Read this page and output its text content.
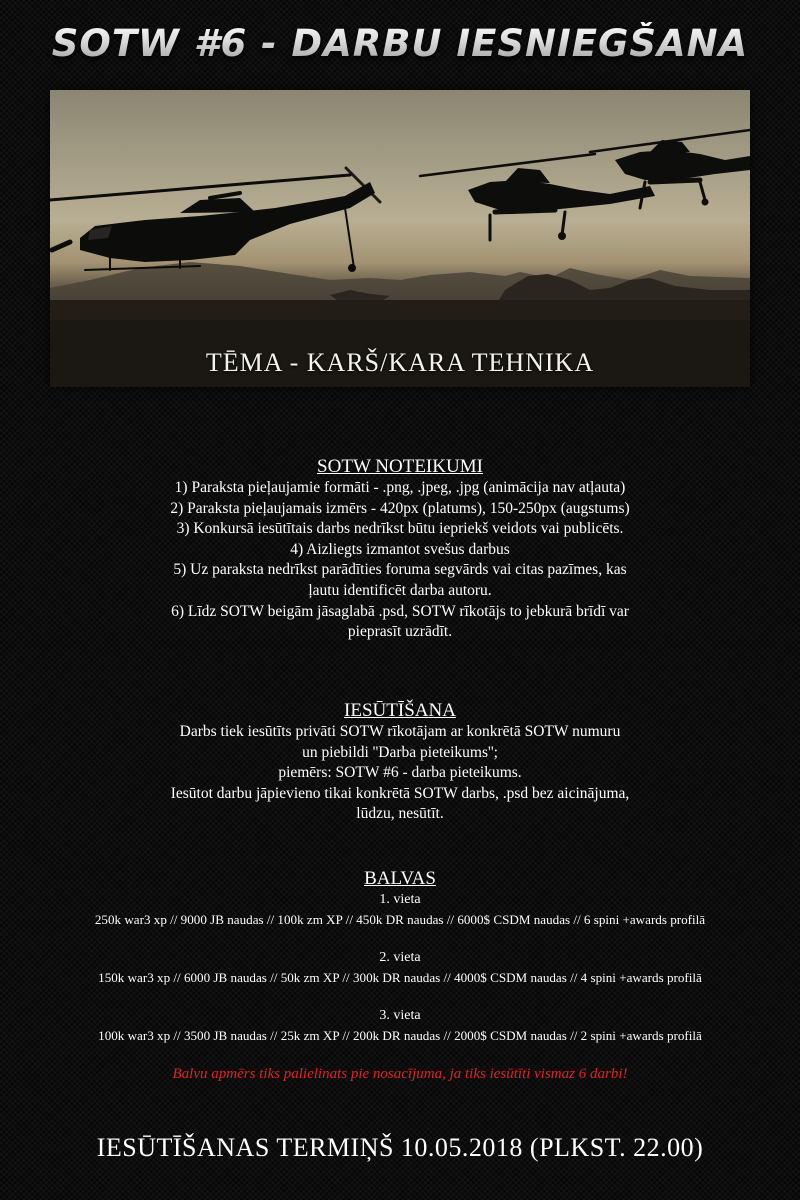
SOTW #6 - DARBU IESNIEGŠANA
TĒMA - KARŠ/KARA TEHNIKA
SOTW NOTEIKUMI
1) Paraksta pieļaujamie formāti - .png, .jpeg, .jpg (animācija nav atļauta)
2) Paraksta pieļaujamais izmērs - 420px (platums), 150-250px (augstums)
3) Konkursā iesūtītais darbs nedrīkst būtu iepriekš veidots vai publicēts.
4) Aizliegts izmantot svešus darbus
5) Uz paraksta nedrīkst parādīties foruma segvārds vai citas pazīmes, kas
ļautu identificēt darba autoru.
6) Līdz SOTW beigām jāsaglabā .psd, SOTW rīkotājs to jebkurā brīdī var
pieprasīt uzrādīt.
IESŪTĪŠANA
Darbs tiek iesūtīts privāti SOTW rīkotājam ar konkrētā SOTW numuru
un piebildi ''Darba pieteikums'';
piemērs: SOTW #6 - darba pieteikums.
Iesūtot darbu jāpievieno tikai konkrētā SOTW darbs, .psd bez aicinājuma,
lūdzu, nesūtīt.
BALVAS
1. vieta
250k war3 xp // 9000 JB naudas // 100k zm XP // 450k DR naudas // 6000$ CSDM naudas // 6 spini +awards profilā
2. vieta
150k war3 xp // 6000 JB naudas // 50k zm XP // 300k DR naudas // 4000$ CSDM naudas // 4 spini +awards profilā
3. vieta
100k war3 xp // 3500 JB naudas // 25k zm XP // 200k DR naudas // 2000$ CSDM naudas // 2 spini +awards profilā
Balvu apmērs tiks palielinats pie nosacījuma, ja tiks iesūtīti vismaz 6 darbi!
IESŪTĪŠANAS TERMIŅŠ 10.05.2018 (PLKST. 22.00)
